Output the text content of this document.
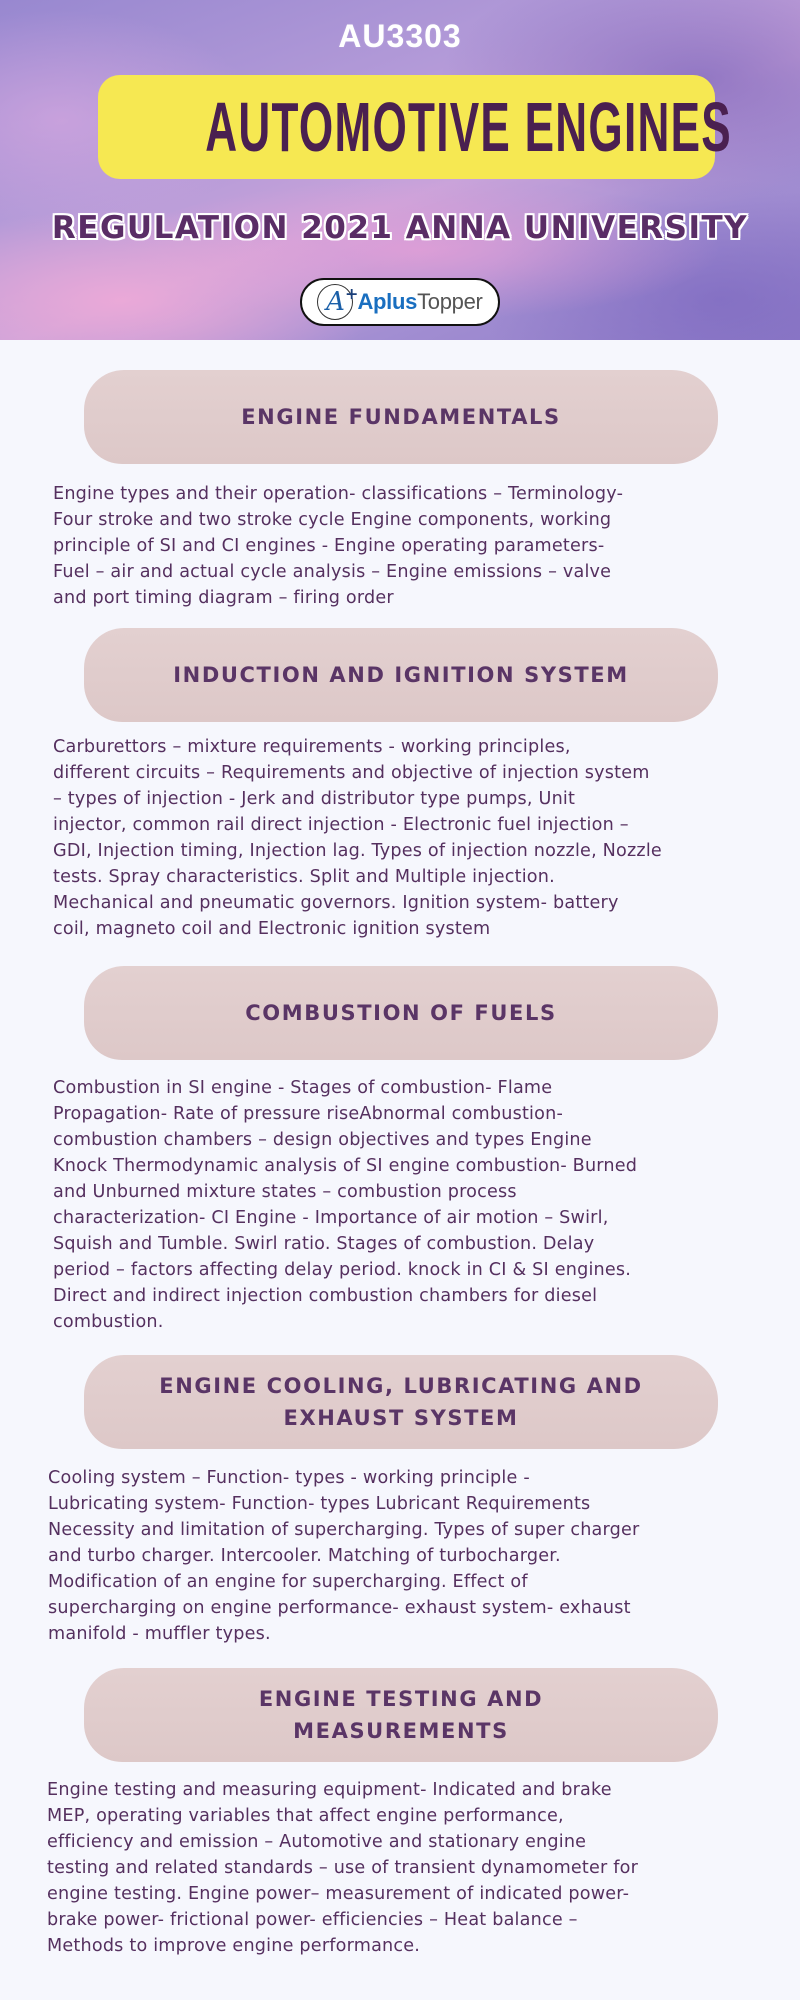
AU3303
AUTOMOTIVE ENGINES
REGULATION 2021 ANNA UNIVERSITY
A + AplusTopper
ENGINE FUNDAMENTALS
Engine types and their operation- classifications – Terminology-
Four stroke and two stroke cycle Engine components, working
principle of SI and CI engines - Engine operating parameters-
Fuel – air and actual cycle analysis – Engine emissions – valve
and port timing diagram – firing order
INDUCTION AND IGNITION SYSTEM
Carburettors – mixture requirements - working principles,
different circuits – Requirements and objective of injection system
– types of injection - Jerk and distributor type pumps, Unit
injector, common rail direct injection - Electronic fuel injection –
GDI, Injection timing, Injection lag. Types of injection nozzle, Nozzle
tests. Spray characteristics. Split and Multiple injection.
Mechanical and pneumatic governors. Ignition system- battery
coil, magneto coil and Electronic ignition system
COMBUSTION OF FUELS
Combustion in SI engine - Stages of combustion- Flame
Propagation- Rate of pressure riseAbnormal combustion-
combustion chambers – design objectives and types Engine
Knock Thermodynamic analysis of SI engine combustion- Burned
and Unburned mixture states – combustion process
characterization- CI Engine - Importance of air motion – Swirl,
Squish and Tumble. Swirl ratio. Stages of combustion. Delay
period – factors affecting delay period. knock in CI & SI engines.
Direct and indirect injection combustion chambers for diesel
combustion.
ENGINE COOLING, LUBRICATING AND
EXHAUST SYSTEM
Cooling system – Function- types - working principle -
Lubricating system- Function- types Lubricant Requirements
Necessity and limitation of supercharging. Types of super charger
and turbo charger. Intercooler. Matching of turbocharger.
Modification of an engine for supercharging. Effect of
supercharging on engine performance- exhaust system- exhaust
manifold - muffler types.
ENGINE TESTING AND
MEASUREMENTS
Engine testing and measuring equipment- Indicated and brake
MEP, operating variables that affect engine performance,
efficiency and emission – Automotive and stationary engine
testing and related standards – use of transient dynamometer for
engine testing. Engine power– measurement of indicated power-
brake power- frictional power- efficiencies – Heat balance –
Methods to improve engine performance.
